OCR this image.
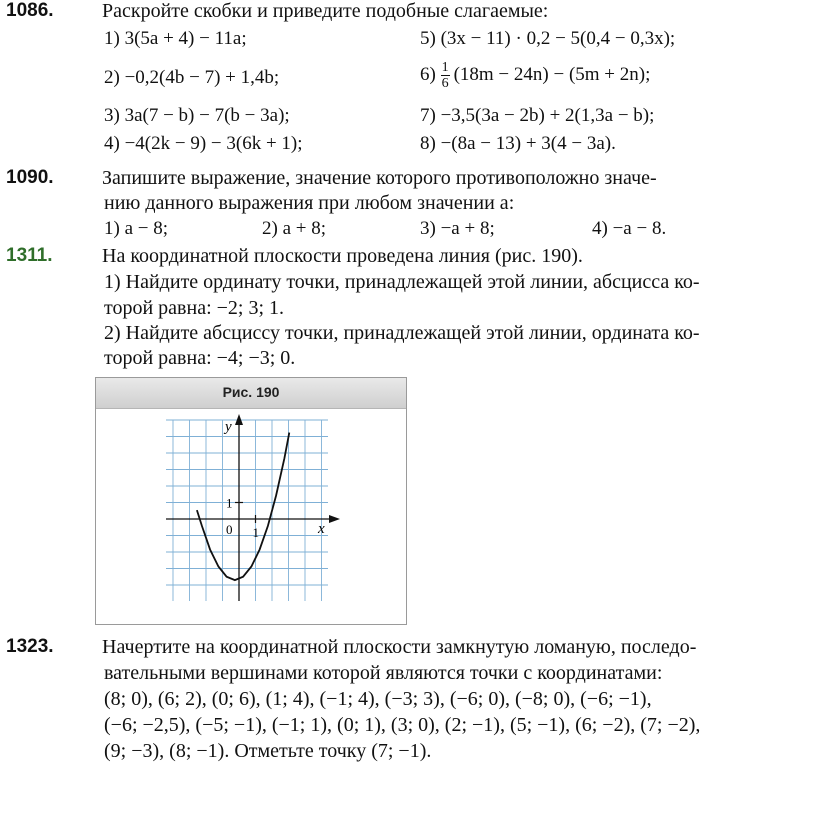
1086. Раскройте скобки и приведите подобные слагаемые:
1) 3(5a + 4) − 11a;
2) −0,2(4b − 7) + 1,4b;
3) 3a(7 − b) − 7(b − 3a);
4) −4(2k − 9) − 3(6k + 1);
5) (3x − 11) · 0,2 − 5(0,4 − 0,3x);
$6) \frac{1}{6} (18m - 24n) - (5m + 2n)$;
7) −3,5(3a − 2b) + 2(1,3a − b);
8) −(8a − 13) + 3(4 − 3a).
1090. Запишите выражение, значение которого противоположно значе-
нию данного выражения при любом значении a:
1) a − 8;	2) a + 8;	3) −a + 8;	4) −a − 8.
1311. На координатной плоскости проведена линия (рис. 190).
1) Найдите ординату точки, принадлежащей этой линии, абсцисса ко-
торой равна: −2; 3; 1.
2) Найдите абсциссу точки, принадлежащей этой линии, ордината ко-
торой равна: −4; −3; 0.
Рис. 190
y
x
0 1
1
1323. Начертите на координатной плоскости замкнутую ломаную, последо-
вательными вершинами которой являются точки с координатами:
(8; 0), (6; 2), (0; 6), (1; 4), (−1; 4), (−3; 3), (−6; 0), (−8; 0), (−6; −1),
(−6; −2,5), (−5; −1), (−1; 1), (0; 1), (3; 0), (2; −1), (5; −1), (6; −2), (7; −2),
(9; −3), (8; −1). Отметьте точку (7; −1).
